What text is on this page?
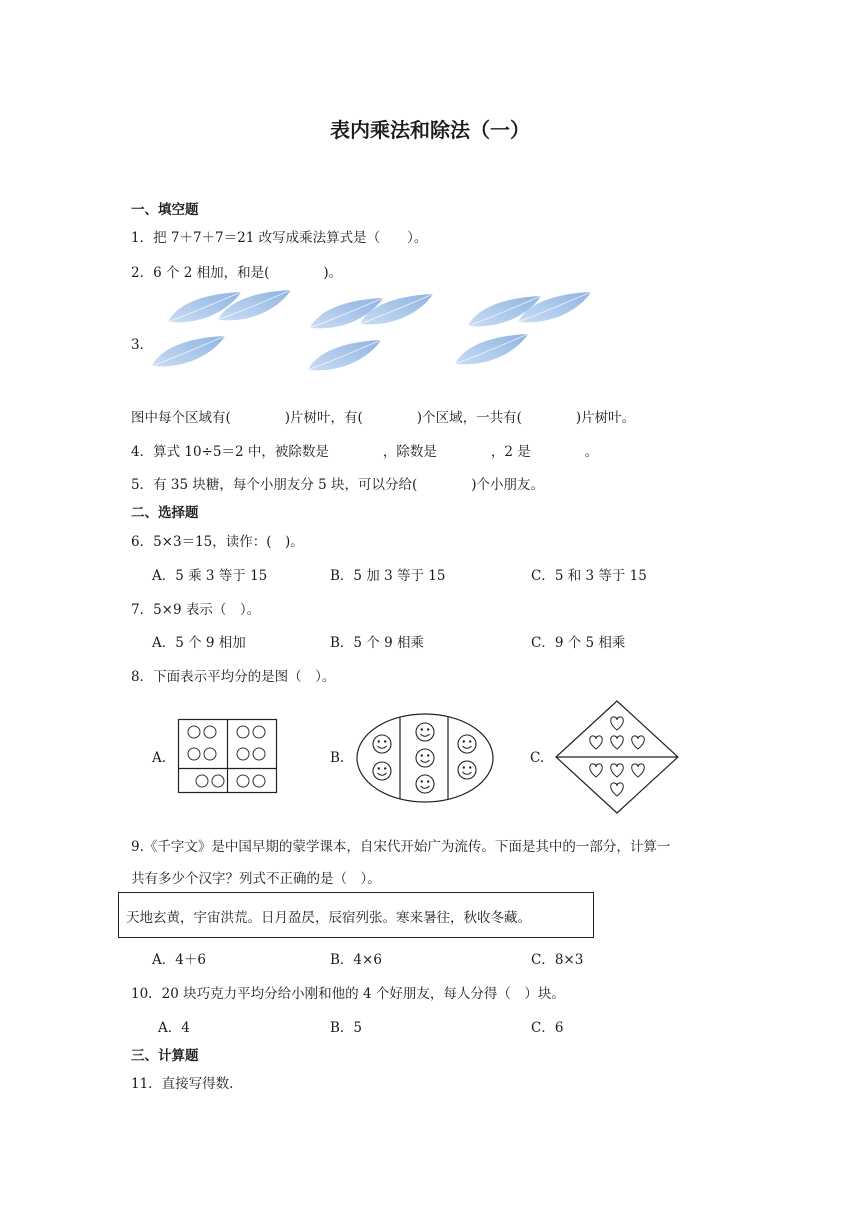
表内乘法和除法（一）
一、填空题
1．把 7＋7＋7＝21 改写成乘法算式是（　　）。
2．6 个 2 相加，和是(　　　　)。
3．
图中每个区域有(　　　　)片树叶，有(　　　　)个区域，一共有(　　　　)片树叶。
4．算式 10÷5＝2 中，被除数是　　　　，除数是　　　　，2 是　　　　。
5．有 35 块糖，每个小朋友分 5 块，可以分给(　　　　)个小朋友。
二、选择题
6．5×3＝15，读作：(　)。
A．5 乘 3 等于 15	B．5 加 3 等于 15	C．5 和 3 等于 15
7．5×9 表示（　）。
A．5 个 9 相加	B．5 个 9 相乘	C．9 个 5 相乘
8．下面表示平均分的是图（　）。
A.	B.	C.
9.《千字文》是中国早期的蒙学课本，自宋代开始广为流传。下面是其中的一部分，计算一
共有多少个汉字？列式不正确的是（　）。
天地玄黄，宇宙洪荒。日月盈昃，辰宿列张。寒来暑往，秋收冬藏。
A．4＋6	B．4×6	C．8×3
10．20 块巧克力平均分给小刚和他的 4 个好朋友，每人分得（　）块。
A．4	B．5	C．6
三、计算题
11．直接写得数.
